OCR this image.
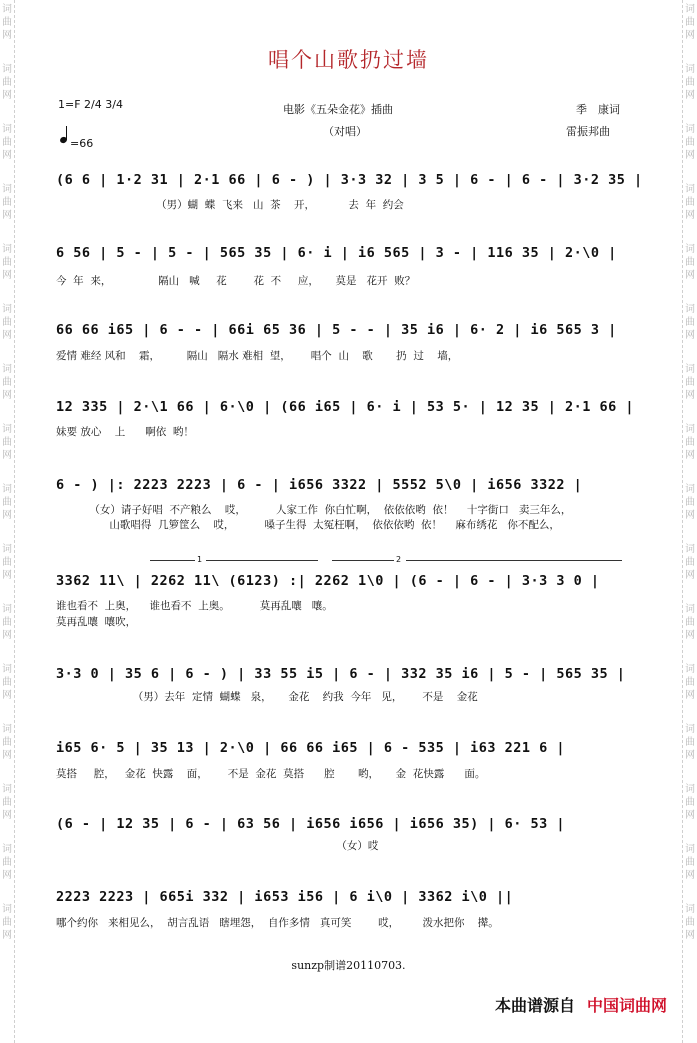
词
曲
网
词
曲
网
词
曲
网
词
曲
网
词
曲
网
词
曲
网
词
曲
网
词
曲
网
词
曲
网
词
曲
网
词
曲
网
词
曲
网
词
曲
网
词
曲
网
词
曲
网
词
曲
网
词
曲
网
词
曲
网
词
曲
网
词
曲
网
词
曲
网
词
曲
网
词
曲
网
词
曲
网
词
曲
网
词
曲
网
词
曲
网
词
曲
网
词
曲
网
词
曲
网
词
曲
网
词
曲
网
唱个山歌扔过墙
1=F 2/4 3/4	电影《五朵金花》插曲
（对唱）
季　康词
雷振邦曲
=66
(6 6 | 1·2 31 | 2·1 66 | 6 - ) | 3·3 32 | 3 5 | 6 - | 6 - | 3·2 35 |
（男）蝴  蝶  飞来   山  茶    开，          去  年  约会
6 56 | 5 - | 5 - | 565 35 | 6· i | i6 565 | 3 - | 116 35 | 2·\0 |
今  年  来，              隔山   喊     花        花  不     应，     莫是   花开  败？
66 66 i65 | 6 - - | 66i 65 36 | 5 - - | 35 i6 | 6· 2 | i6 565 3 |
爱情 难经 风和    霜，        隔山   隔水 难相  望，      唱个  山    歌       扔  过    墙，
12 335 | 2·\1 66 | 6·\0 | (66 i65 | 6· i | 53 5· | 12 35 | 2·1 66 |
妹要 放心    上      啊依  哟！
6 - ) |: 2223 2223 | 6 - | i656 3322 | 5552 5\0 | i656 3322 |
（女）请子好唱  不产粮么    哎，         人家工作  你白忙啊，  依依依哟  依！    十字街口   卖三年么，
山歌唱得  几箩筐么    哎，         嗓子生得  太冤枉啊，  依依依哟  依！    麻布绣花   你不配么，
1	2
3362 11\ | 2262 11\ (6123) :| 2262 1\0 | (6 - | 6 - | 3·3 3 0 |
谁也看不  上奥，    谁也看不  上奥。         莫再乱嚷   嚷。
莫再乱嚷  嚷吹，
3·3 0 | 35 6 | 6 - ) | 33 55 i5 | 6 - | 332 35 i6 | 5 - | 565 35 |
（男）去年  定情  蝴蝶   泉，     金花    约我  今年   见，      不是    金花
i65 6· 5 | 35 13 | 2·\0 | 66 66 i65 | 6 - 535 | i63 221 6 |
莫搭     腔，   金花  快露    面，      不是  金花  莫搭      腔       哟，     金  花快露      面。
(6 - | 12 35 | 6 - | 63 56 | i656 i656 | i656 35) | 6· 53 |
（女）哎
2223 2223 | 665i 332 | i653 i56 | 6 i\0 | 3362 i\0 ||
哪个约你   来相见么，  胡言乱语   瞎埋怨，  自作多情   真可笑        哎，       泼水把你    撵。
sunzp制谱20110703.
本曲谱源自 中国词曲网
